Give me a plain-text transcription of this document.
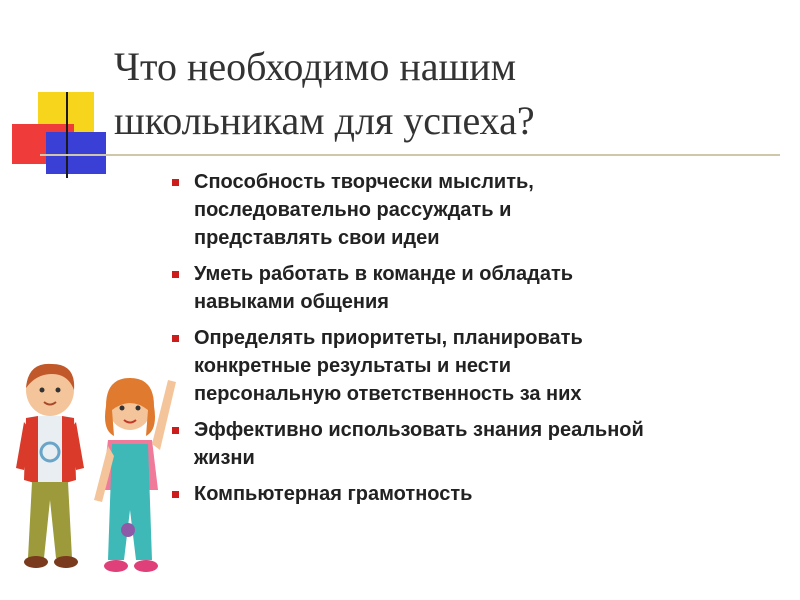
Что необходимо нашим
школьникам для успеха?
Способность творчески мыслить,
последовательно рассуждать и
представлять свои идеи
Уметь работать в команде и обладать
навыками общения
Определять приоритеты, планировать
конкретные результаты и нести
персональную ответственность за них
Эффективно использовать знания реальной
жизни
Компьютерная грамотность
